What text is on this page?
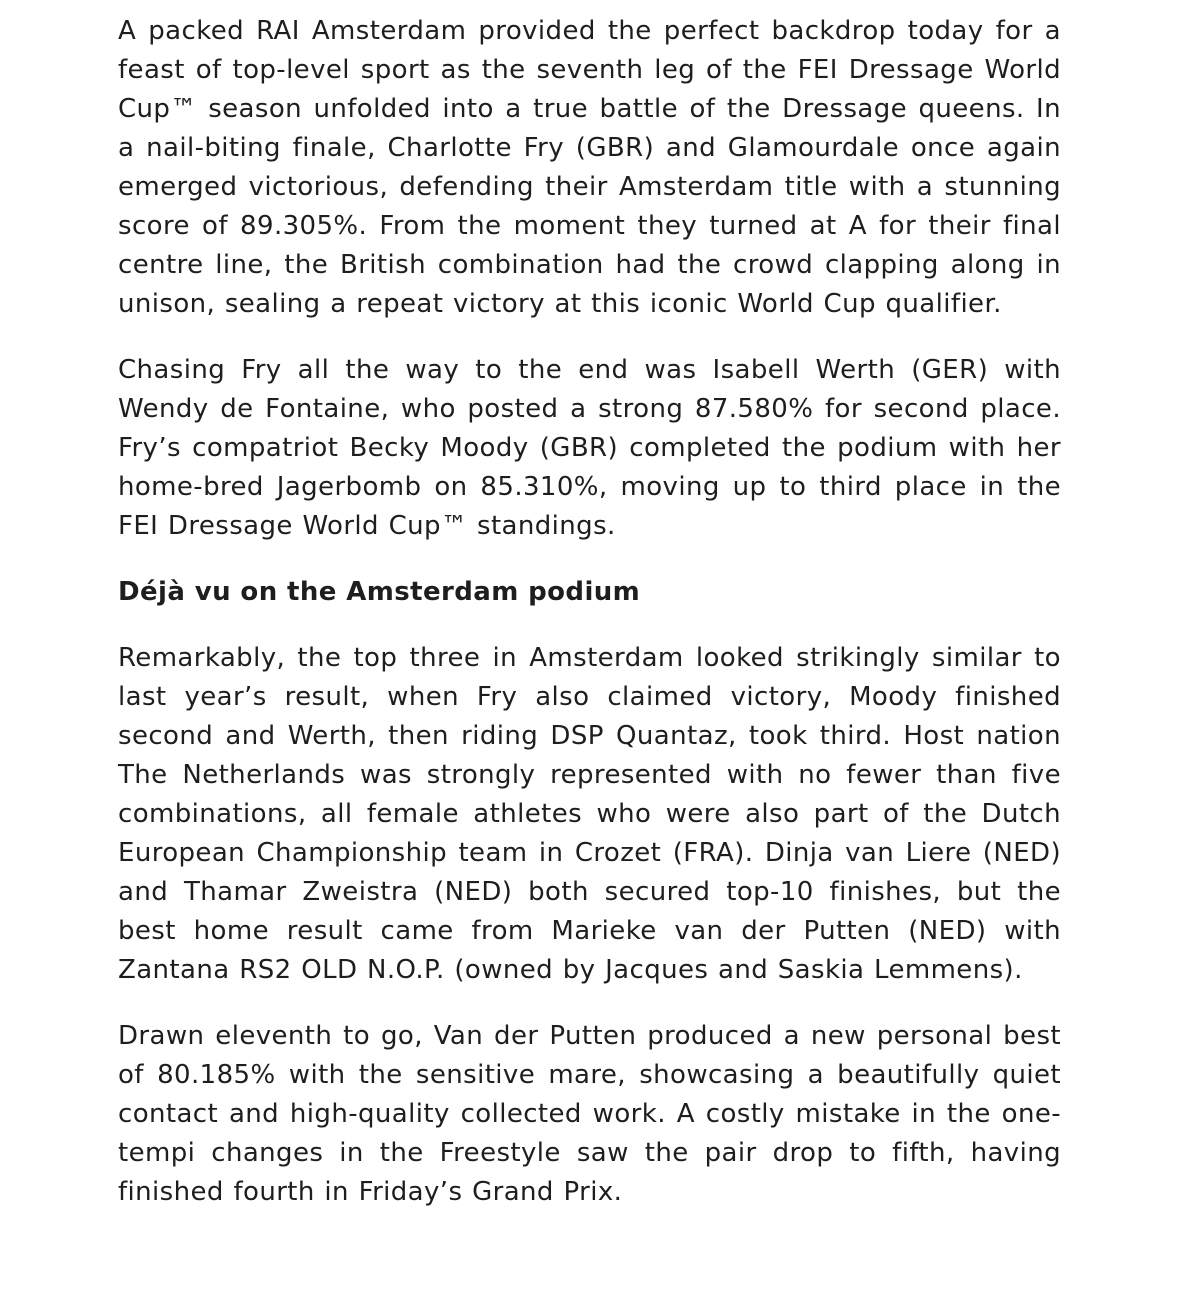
A packed RAI Amsterdam provided the perfect backdrop today for a feast of top-level sport as the seventh leg of the FEI Dressage World Cup™ season unfolded into a true battle of the Dressage queens. In a nail-biting finale, Charlotte Fry (GBR) and Glamourdale once again emerged victorious, defending their Amsterdam title with a stunning score of 89.305%. From the moment they turned at A for their final centre line, the British combination had the crowd clapping along in unison, sealing a repeat victory at this iconic World Cup qualifier.

Chasing Fry all the way to the end was Isabell Werth (GER) with Wendy de Fontaine, who posted a strong 87.580% for second place. Fry’s compatriot Becky Moody (GBR) completed the podium with her home-bred Jagerbomb on 85.310%, moving up to third place in the FEI Dressage World Cup™ standings.

Déjà vu on the Amsterdam podium

Remarkably, the top three in Amsterdam looked strikingly similar to last year’s result, when Fry also claimed victory, Moody finished second and Werth, then riding DSP Quantaz, took third. Host nation The Netherlands was strongly represented with no fewer than five combinations, all female athletes who were also part of the Dutch European Championship team in Crozet (FRA). Dinja van Liere (NED) and Thamar Zweistra (NED) both secured top-10 finishes, but the best home result came from Marieke van der Putten (NED) with Zantana RS2 OLD N.O.P. (owned by Jacques and Saskia Lemmens).

Drawn eleventh to go, Van der Putten produced a new personal best of 80.185% with the sensitive mare, showcasing a beautifully quiet contact and high-quality collected work. A costly mistake in the one-tempi changes in the Freestyle saw the pair drop to fifth, having finished fourth in Friday’s Grand Prix.
